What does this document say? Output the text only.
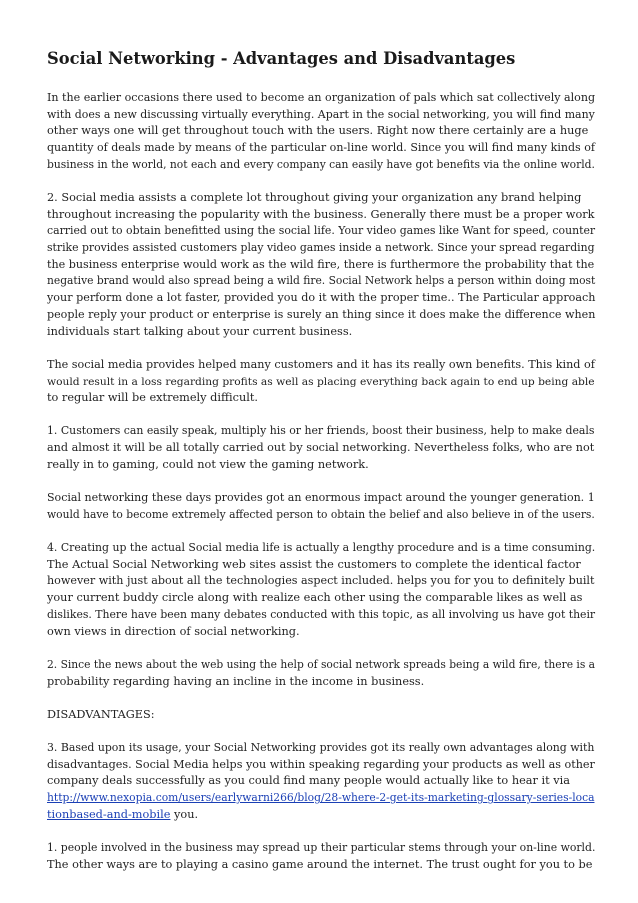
Social Networking - Advantages and Disadvantages

In the earlier occasions there used to become an organization of pals which sat collectively along
with does a new discussing virtually everything. Apart in the social networking, you will find many
other ways one will get throughout touch with the users. Right now there certainly are a huge
quantity of deals made by means of the particular on-line world. Since you will find many kinds of
business in the world, not each and every company can easily have got benefits via the online world.

2. Social media assists a complete lot throughout giving your organization any brand helping
throughout increasing the popularity with the business. Generally there must be a proper work
carried out to obtain benefitted using the social life. Your video games like Want for speed, counter
strike provides assisted customers play video games inside a network. Since your spread regarding
the business enterprise would work as the wild fire, there is furthermore the probability that the
negative brand would also spread being a wild fire. Social Network helps a person within doing most
your perform done a lot faster, provided you do it with the proper time.. The Particular approach
people reply your product or enterprise is surely an thing since it does make the difference when
individuals start talking about your current business.

The social media provides helped many customers and it has its really own benefits. This kind of
would result in a loss regarding profits as well as placing everything back again to end up being able
to regular will be extremely difficult.

1. Customers can easily speak, multiply his or her friends, boost their business, help to make deals
and almost it will be all totally carried out by social networking. Nevertheless folks, who are not
really in to gaming, could not view the gaming network.

Social networking these days provides got an enormous impact around the younger generation. 1
would have to become extremely affected person to obtain the belief and also believe in of the users.

4. Creating up the actual Social media life is actually a lengthy procedure and is a time consuming.
The Actual Social Networking web sites assist the customers to complete the identical factor
however with just about all the technologies aspect included. helps you for you to definitely built
your current buddy circle along with realize each other using the comparable likes as well as
dislikes. There have been many debates conducted with this topic, as all involving us have got their
own views in direction of social networking.

2. Since the news about the web using the help of social network spreads being a wild fire, there is a
probability regarding having an incline in the income in business.

DISADVANTAGES:

3. Based upon its usage, your Social Networking provides got its really own advantages along with
disadvantages. Social Media helps you within speaking regarding your products as well as other
company deals successfully as you could find many people would actually like to hear it via
http://www.nexopia.com/users/earlywarni266/blog/28-where-2-get-its-marketing-glossary-series-loca
tionbased-and-mobile you.

1. people involved in the business may spread up their particular stems through your on-line world.
The other ways are to playing a casino game around the internet. The trust ought for you to be
